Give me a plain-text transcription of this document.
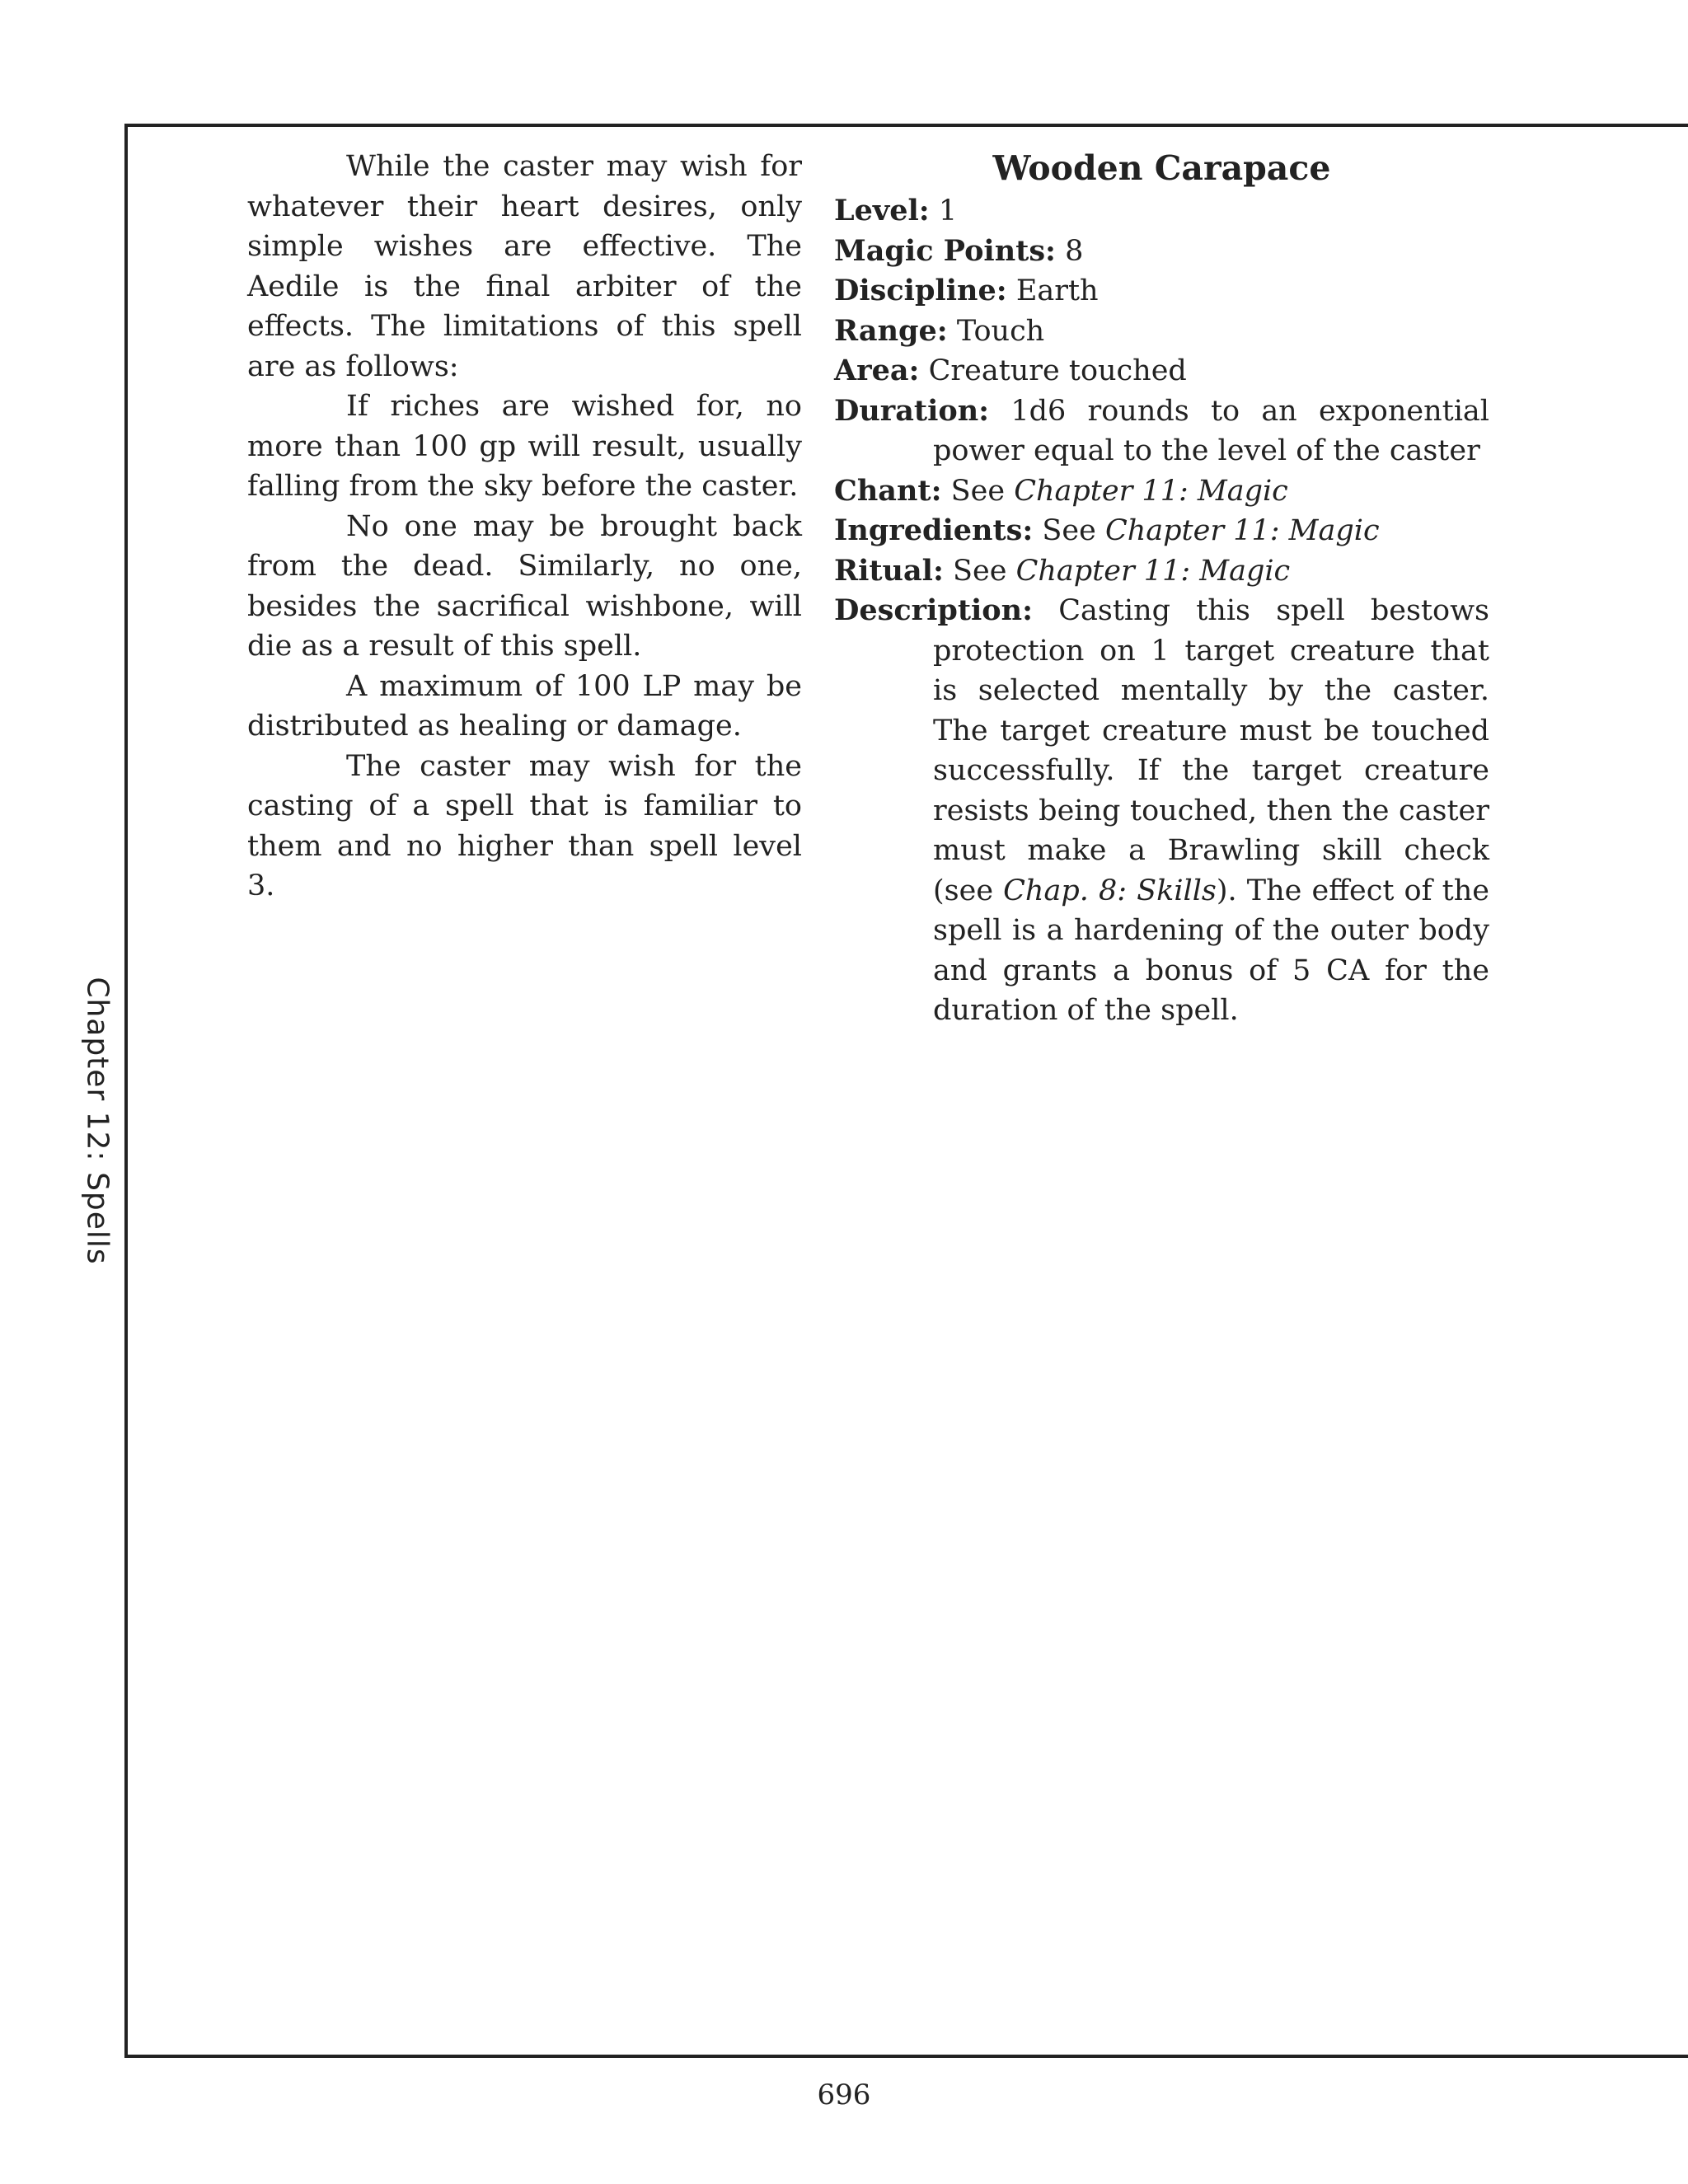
Chapter 12: Spells

While the caster may wish for whatever their heart desires, only simple wishes are effective. The Aedile is the final arbiter of the effects. The limitations of this spell are as follows:

If riches are wished for, no more than 100 gp will result, usually falling from the sky before the caster.

No one may be brought back from the dead. Similarly, no one, besides the sacrifical wishbone, will die as a result of this spell.

A maximum of 100 LP may be distributed as healing or damage.

The caster may wish for the casting of a spell that is familiar to them and no higher than spell level 3.

Wooden Carapace

Level: 1

Magic Points: 8

Discipline: Earth

Range: Touch

Area: Creature touched

Duration: 1d6 rounds to an exponential power equal to the level of the caster

Chant: See Chapter 11: Magic

Ingredients: See Chapter 11: Magic

Ritual: See Chapter 11: Magic

Description: Casting this spell bestows protection on 1 target creature that is selected mentally by the caster. The target creature must be touched successfully. If the target creature resists being touched, then the caster must make a Brawling skill check (see Chap. 8: Skills). The effect of the spell is a hardening of the outer body and grants a bonus of 5 CA for the duration of the spell.

696
